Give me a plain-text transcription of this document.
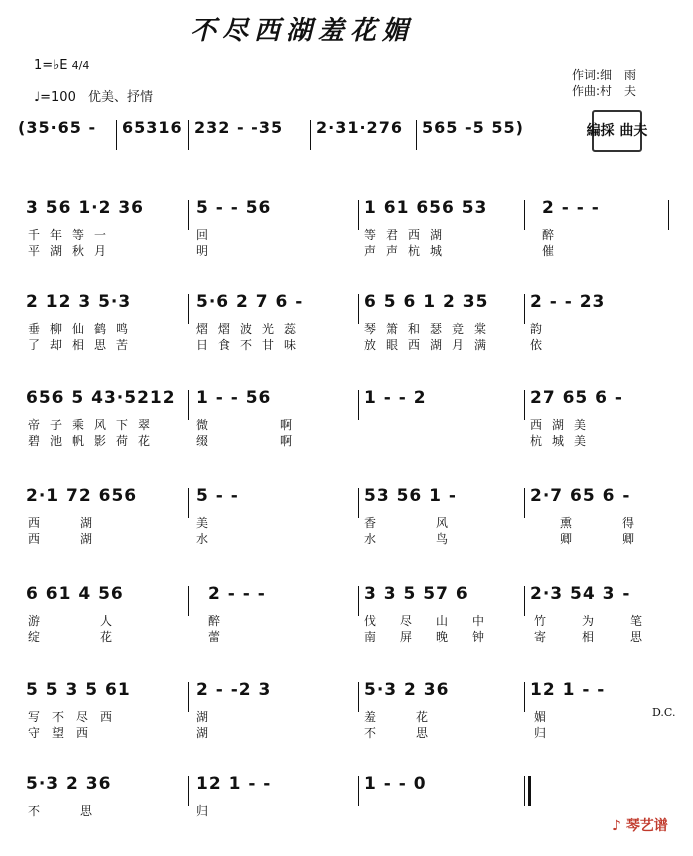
不尽西湖羞花媚
1=♭E 4/4
♩=100 优美、抒情
作词:细　雨
作曲:村　夫
編採 曲夫
(35·65 - 65316 232 - -35 2·31·276 565 -5 55)
3 56 1·2 36	5 - - 56	1 61 656 53	2 - - -
千年等一	回	等君西湖	醉
平湖秋月	明	声声杭城	催
2 12 3 5·3	5·6 2 7 6 -	6 5 6 1 2 35 2 - - 23
垂柳仙鹤鸣	熠熠波光蕊	琴箫和瑟竞棠	韵
了却相思苦	日食不甘味	放眼西湖月满	依
656 5 43·5212 1 - - 56	1 - - 2	27 65 6 -
帝子乘风下翠	微	啊	西湖美
碧池帆影荷花	缀	啊	杭城美
2·1 72 656	5 - -	53 56 1 -	2·7 65 6 -
西湖	美	香风	熏得
西湖	水	水鸟	卿卿
6 61 4 56	2 - - -	3 3 5 57 6	2·3 54 3 -
游人	醉	伐尽山中 竹为笔
绽花	蕾	南屏晚钟 寄相思
5 5 3 5 61	2 - -2 3	5·3 2 36	12 1 - -
写不尽西	湖	羞花	媚
守望西	湖	不思	归
D.C.
5·3 2 36	12 1 - -	1 - - 0
不思	归
♪ 琴艺谱
